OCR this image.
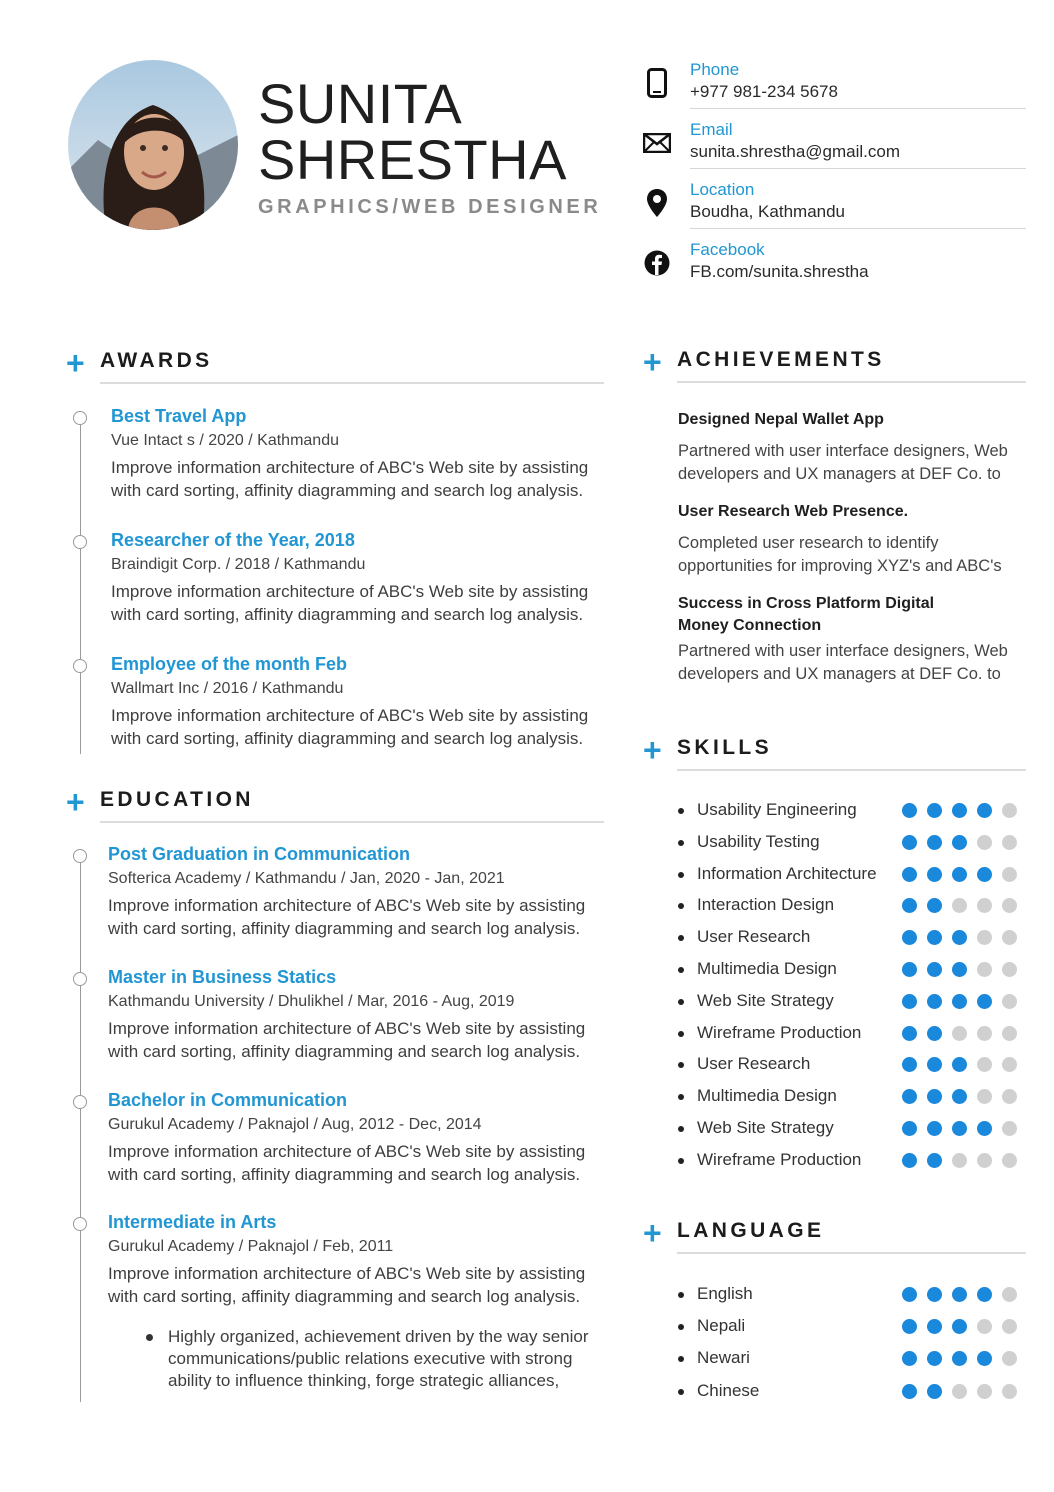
SUNITA
SHRESTHA
GRAPHICS/WEB DESIGNER
Phone
+977 981-234 5678
Email
sunita.shrestha@gmail.com
Location
Boudha, Kathmandu
Facebook
FB.com/sunita.shrestha
+ AWARDS
Best Travel App
Vue Intact s / 2020 / Kathmandu
Improve information architecture of ABC's Web site by assisting with card sorting, affinity diagramming and search log analysis.
Researcher of the Year, 2018
Braindigit Corp. / 2018 / Kathmandu
Improve information architecture of ABC's Web site by assisting with card sorting, affinity diagramming and search log analysis.
Employee of the month Feb
Wallmart Inc / 2016 / Kathmandu
Improve information architecture of ABC's Web site by assisting with card sorting, affinity diagramming and search log analysis.
+ EDUCATION
Post Graduation in Communication
Softerica Academy / Kathmandu / Jan, 2020 - Jan, 2021
Improve information architecture of ABC's Web site by assisting with card sorting, affinity diagramming and search log analysis.
Master in Business Statics
Kathmandu University / Dhulikhel / Mar, 2016 - Aug, 2019
Improve information architecture of ABC's Web site by assisting with card sorting, affinity diagramming and search log analysis.
Bachelor in Communication
Gurukul Academy / Paknajol / Aug, 2012 - Dec, 2014
Improve information architecture of ABC's Web site by assisting with card sorting, affinity diagramming and search log analysis.
Intermediate in Arts
Gurukul Academy / Paknajol / Feb, 2011
Improve information architecture of ABC's Web site by assisting with card sorting, affinity diagramming and search log analysis.
Highly organized, achievement driven by the way senior communications/public relations executive with strong ability to influence thinking, forge strategic alliances,
+ ACHIEVEMENTS
Designed Nepal Wallet App
Partnered with user interface designers, Web developers and UX managers at DEF Co. to
User Research Web Presence.
Completed user research to identify opportunities for improving XYZ's and ABC's
Success in Cross Platform Digital Money Connection
Partnered with user interface designers, Web developers and UX managers at DEF Co. to
+ SKILLS
Usability Engineering
Usability Testing
Information Architecture
Interaction Design
User Research
Multimedia Design
Web Site Strategy
Wireframe Production
User Research
Multimedia Design
Web Site Strategy
Wireframe Production
+ LANGUAGE
English
Nepali
Newari
Chinese
